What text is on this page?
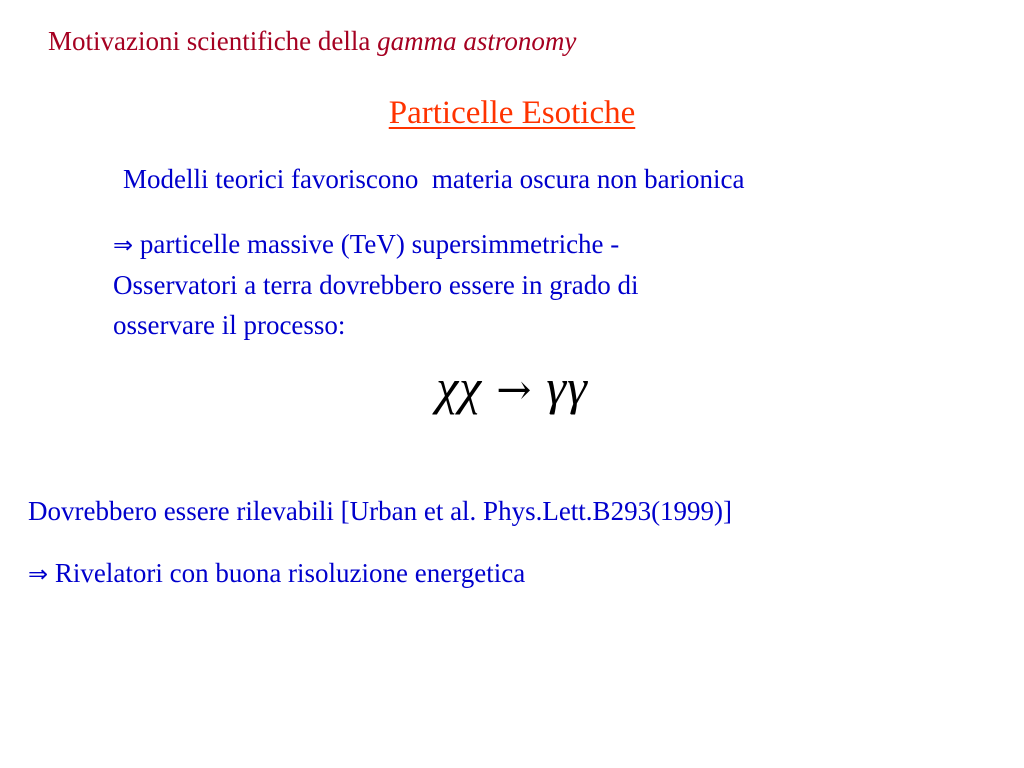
Motivazioni scientifiche della gamma astronomy
Particelle Esotiche
Modelli teorici favoriscono  materia oscura non barionica
⇒ particelle massive (TeV) supersimmetriche -
Osservatori a terra dovrebbero essere in grado di
osservare il processo:
χχ → γγ
Dovrebbero essere rilevabili [Urban et al. Phys.Lett.B293(1999)]
⇒ Rivelatori con buona risoluzione energetica
